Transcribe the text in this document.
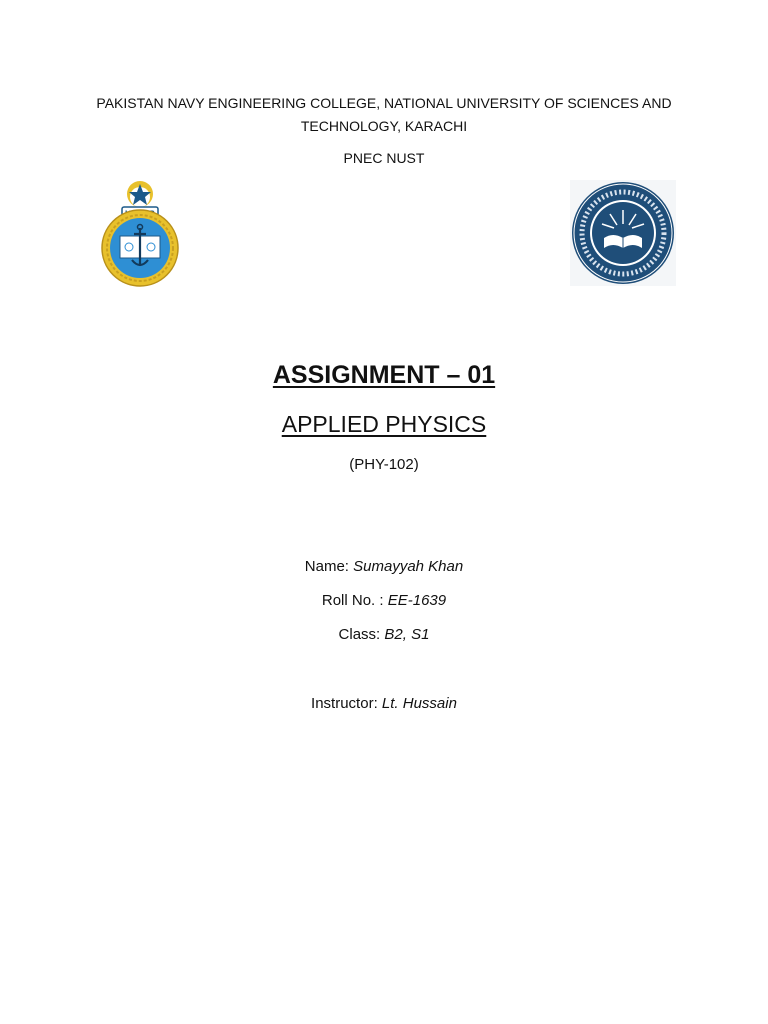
PAKISTAN NAVY ENGINEERING COLLEGE, NATIONAL UNIVERSITY OF SCIENCES AND TECHNOLOGY, KARACHI
PNEC NUST
ASSIGNMENT – 01
APPLIED PHYSICS
(PHY-102)
Name: Sumayyah Khan
Roll No. : EE-1639
Class: B2, S1
Instructor: Lt. Hussain
